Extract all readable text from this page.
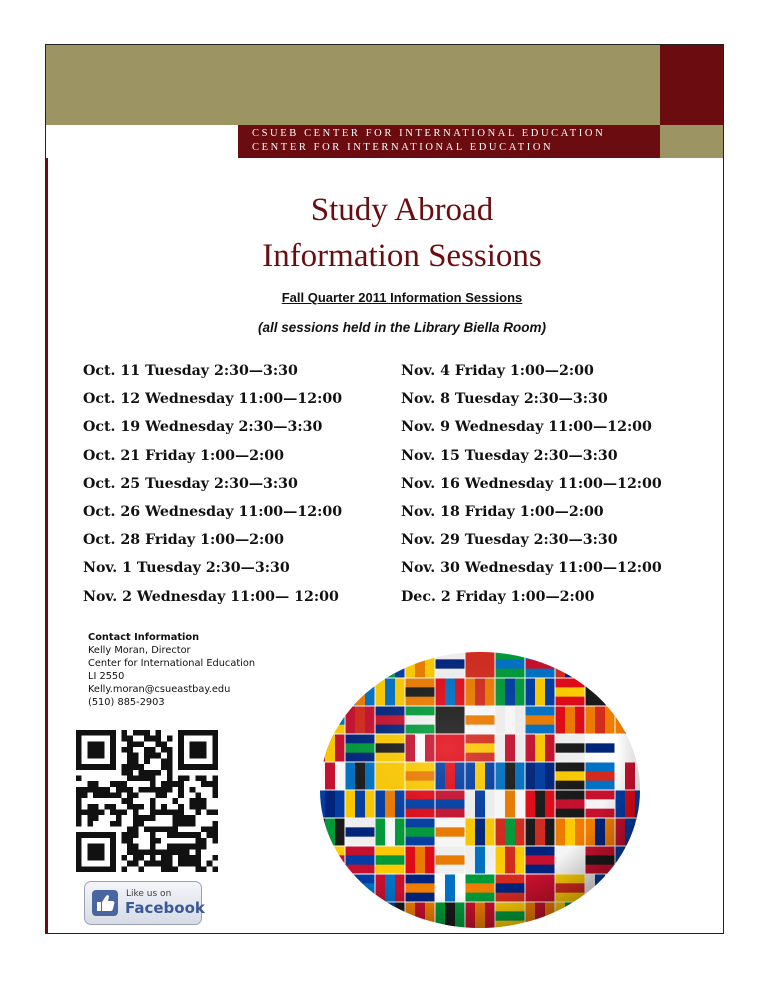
CSUEB CENTER FOR INTERNATIONAL EDUCATION
CENTER FOR INTERNATIONAL EDUCATION
Study Abroad
Information Sessions
Fall Quarter 2011 Information Sessions
(all sessions held in the Library Biella Room)
Oct. 11 Tuesday 2:30—3:30
Oct. 12 Wednesday 11:00—12:00
Oct. 19 Wednesday 2:30—3:30
Oct. 21 Friday 1:00—2:00
Oct. 25 Tuesday 2:30—3:30
Oct. 26 Wednesday 11:00—12:00
Oct. 28 Friday 1:00—2:00
Nov. 1 Tuesday 2:30—3:30
Nov. 2 Wednesday 11:00— 12:00
Nov. 4 Friday 1:00—2:00
Nov. 8 Tuesday 2:30—3:30
Nov. 9 Wednesday 11:00—12:00
Nov. 15 Tuesday 2:30—3:30
Nov. 16 Wednesday 11:00—12:00
Nov. 18 Friday 1:00—2:00
Nov. 29 Tuesday 2:30—3:30
Nov. 30 Wednesday 11:00—12:00
Dec. 2 Friday 1:00—2:00
Contact Information
Kelly Moran, Director
Center for International Education
LI 2550
Kelly.moran@csueastbay.edu
(510) 885-2903
Like us on
Facebook
